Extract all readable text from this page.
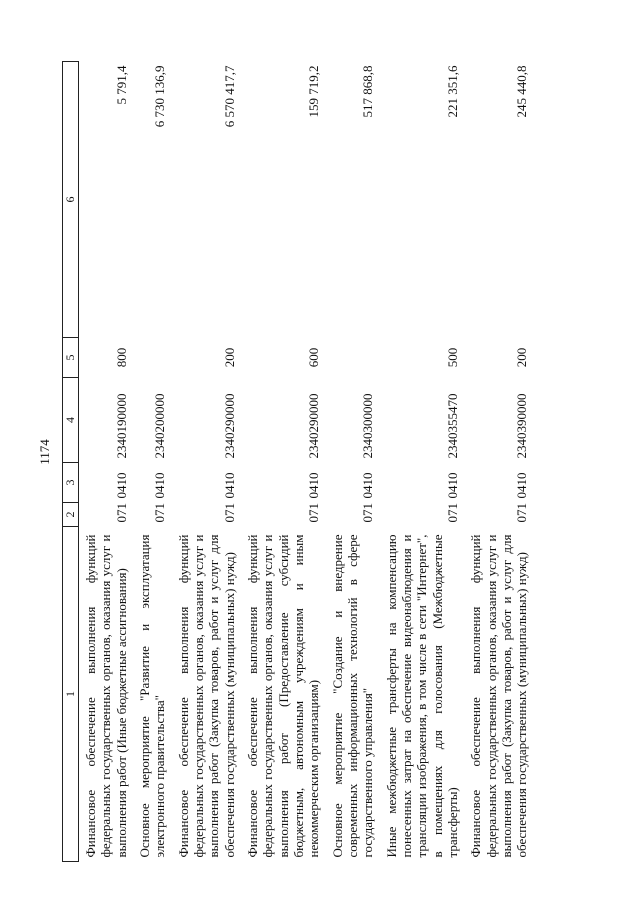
1174
1	2	3	4	5	6
Финансовое обеспечение выполнения функций федеральных государственных органов, оказания услуг и выполнения работ (Иные бюджетные ассигнования)	071	0410	2340190000	800	5 791,4
Основное мероприятие "Развитие и эксплуатация электронного правительства"	071	0410	2340200000		6 730 136,9
Финансовое обеспечение выполнения функций федеральных государственных органов, оказания услуг и выполнения работ (Закупка товаров, работ и услуг для обеспечения государственных (муниципальных) нужд)	071	0410	2340290000	200	6 570 417,7
Финансовое обеспечение выполнения функций федеральных государственных органов, оказания услуг и выполнения работ (Предоставление субсидий бюджетным, автономным учреждениям и иным некоммерческим организациям)	071	0410	2340290000	600	159 719,2
Основное мероприятие "Создание и внедрение современных информационных технологий в сфере государственного управления"	071	0410	2340300000		517 868,8
Иные межбюджетные трансферты на компенсацию понесенных затрат на обеспечение видеонаблюдения и трансляции изображения, в том числе в сети "Интернет", в помещениях для голосования (Межбюджетные трансферты)	071	0410	2340355470	500	221 351,6
Финансовое обеспечение выполнения функций федеральных государственных органов, оказания услуг и выполнения работ (Закупка товаров, работ и услуг для обеспечения государственных (муниципальных) нужд)	071	0410	2340390000	200	245 440,8
